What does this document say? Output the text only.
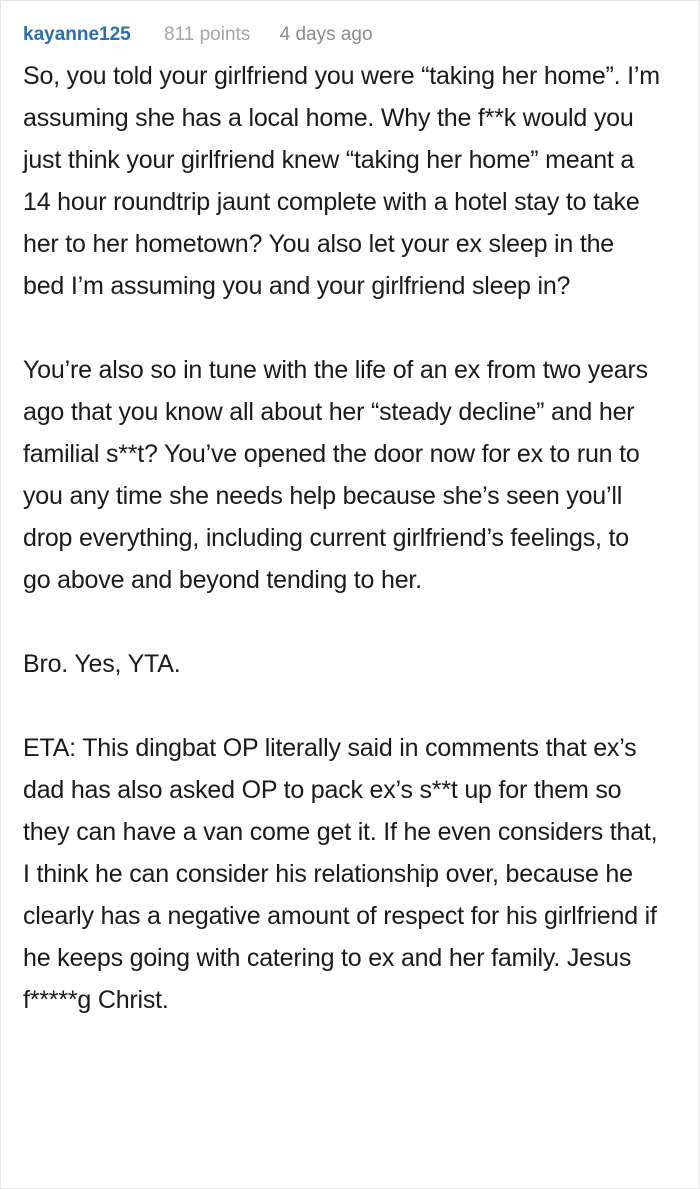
kayanne125 811 points 4 days ago

So, you told your girlfriend you were “taking her home”. I’m assuming she has a local home. Why the f**k would you just think your girlfriend knew “taking her home” meant a 14 hour roundtrip jaunt complete with a hotel stay to take her to her hometown? You also let your ex sleep in the bed I’m assuming you and your girlfriend sleep in?

You’re also so in tune with the life of an ex from two years ago that you know all about her “steady decline” and her familial s**t? You’ve opened the door now for ex to run to you any time she needs help because she’s seen you’ll drop everything, including current girlfriend’s feelings, to go above and beyond tending to her.

Bro. Yes, YTA.

ETA: This dingbat OP literally said in comments that ex’s dad has also asked OP to pack ex’s s**t up for them so they can have a van come get it. If he even considers that, I think he can consider his relationship over, because he clearly has a negative amount of respect for his girlfriend if he keeps going with catering to ex and her family. Jesus f*****g Christ.
